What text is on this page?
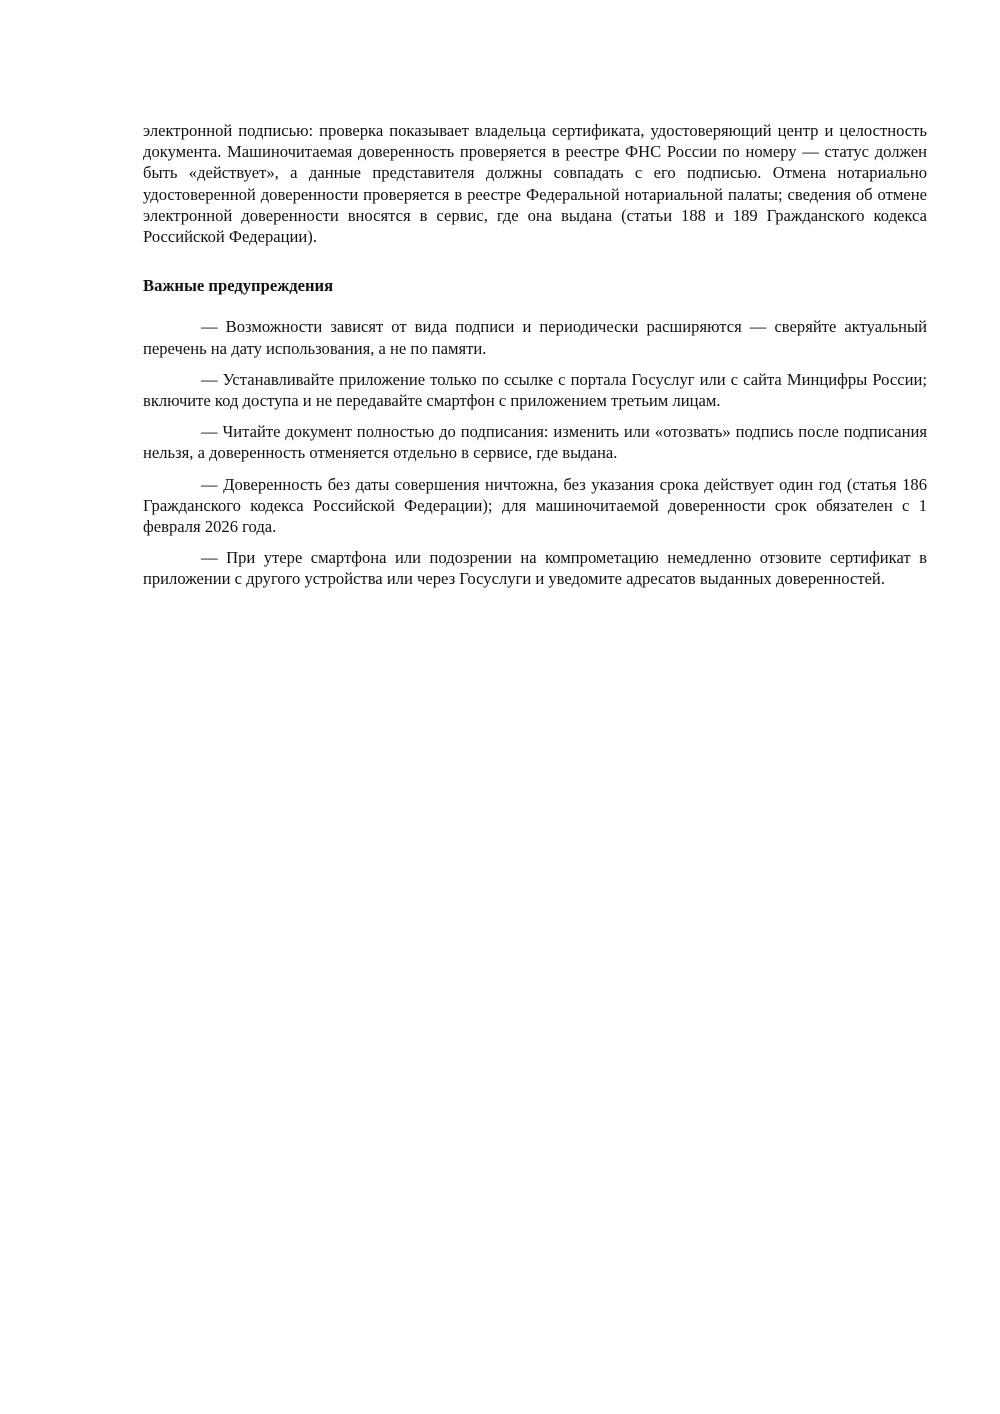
электронной подписью: проверка показывает владельца сертификата, удостоверяющий центр и целостность документа. Машиночитаемая доверенность проверяется в реестре ФНС России по номеру — статус должен быть «действует», а данные представителя должны совпадать с его подписью. Отмена нотариально удостоверенной доверенности проверяется в реестре Федеральной нотариальной палаты; сведения об отмене электронной доверенности вносятся в сервис, где она выдана (статьи 188 и 189 Гражданского кодекса Российской Федерации).

Важные предупреждения
— Возможности зависят от вида подписи и периодически расширяются — сверяйте актуальный перечень на дату использования, а не по памяти.
— Устанавливайте приложение только по ссылке с портала Госуслуг или с сайта Минцифры России; включите код доступа и не передавайте смартфон с приложением третьим лицам.
— Читайте документ полностью до подписания: изменить или «отозвать» подпись после подписания нельзя, а доверенность отменяется отдельно в сервисе, где выдана.
— Доверенность без даты совершения ничтожна, без указания срока действует один год (статья 186 Гражданского кодекса Российской Федерации); для машиночитаемой доверенности срок обязателен с 1 февраля 2026 года.
— При утере смартфона или подозрении на компрометацию немедленно отзовите сертификат в приложении с другого устройства или через Госуслуги и уведомите адресатов выданных доверенностей.
